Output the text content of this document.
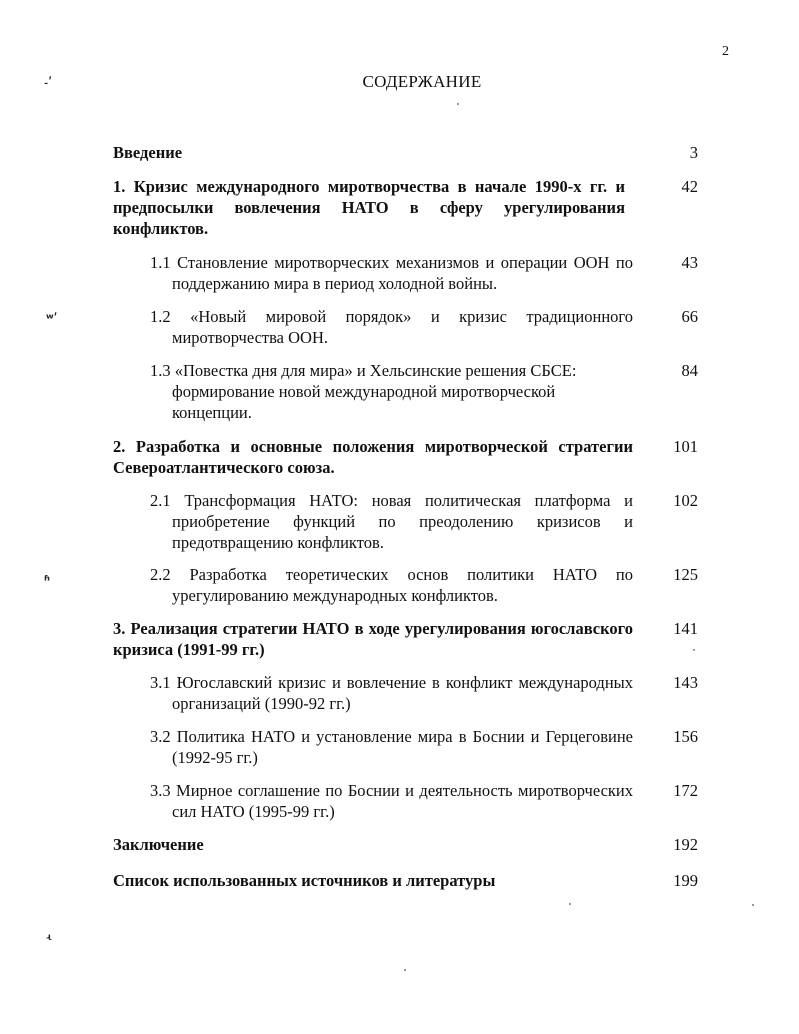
2
СОДЕРЖАНИЕ
Введение	3
1. Кризис международного миротворчества в начале 1990-х гг. и предпосылки вовлечения НАТО в сферу урегулирования конфликтов.
42
1.1 Становление миротворческих механизмов и операции ООН по поддержанию мира в период холодной войны.
43
1.2 «Новый мировой порядок» и кризис традиционного миротворчества ООН.
66
1.3 «Повестка дня для мира» и Хельсинские решения СБСЕ: формирование новой международной миротворческой концепции.
84
2. Разработка и основные положения миротворческой стратегии Североатлантического союза.
101
2.1 Трансформация НАТО: новая политическая платформа и приобретение функций по преодолению кризисов и предотвращению конфликтов.
102
2.2 Разработка теоретических основ политики НАТО по урегулированию международных конфликтов.
125
3. Реализация стратегии НАТО в ходе урегулирования югославского кризиса (1991-99 гг.)
141
3.1 Югославский кризис и вовлечение в конфликт международных организаций (1990-92 гг.)
143
3.2 Политика НАТО и установление мира в Боснии и Герцеговине (1992-95 гг.)
156
3.3 Мирное соглашение по Боснии и деятельность миротворческих сил НАТО (1995-99 гг.)
172
Заключение	192
Список использованных источников и литературы	199
˗ʹ
ʷʹ
ʱ
ʵ
